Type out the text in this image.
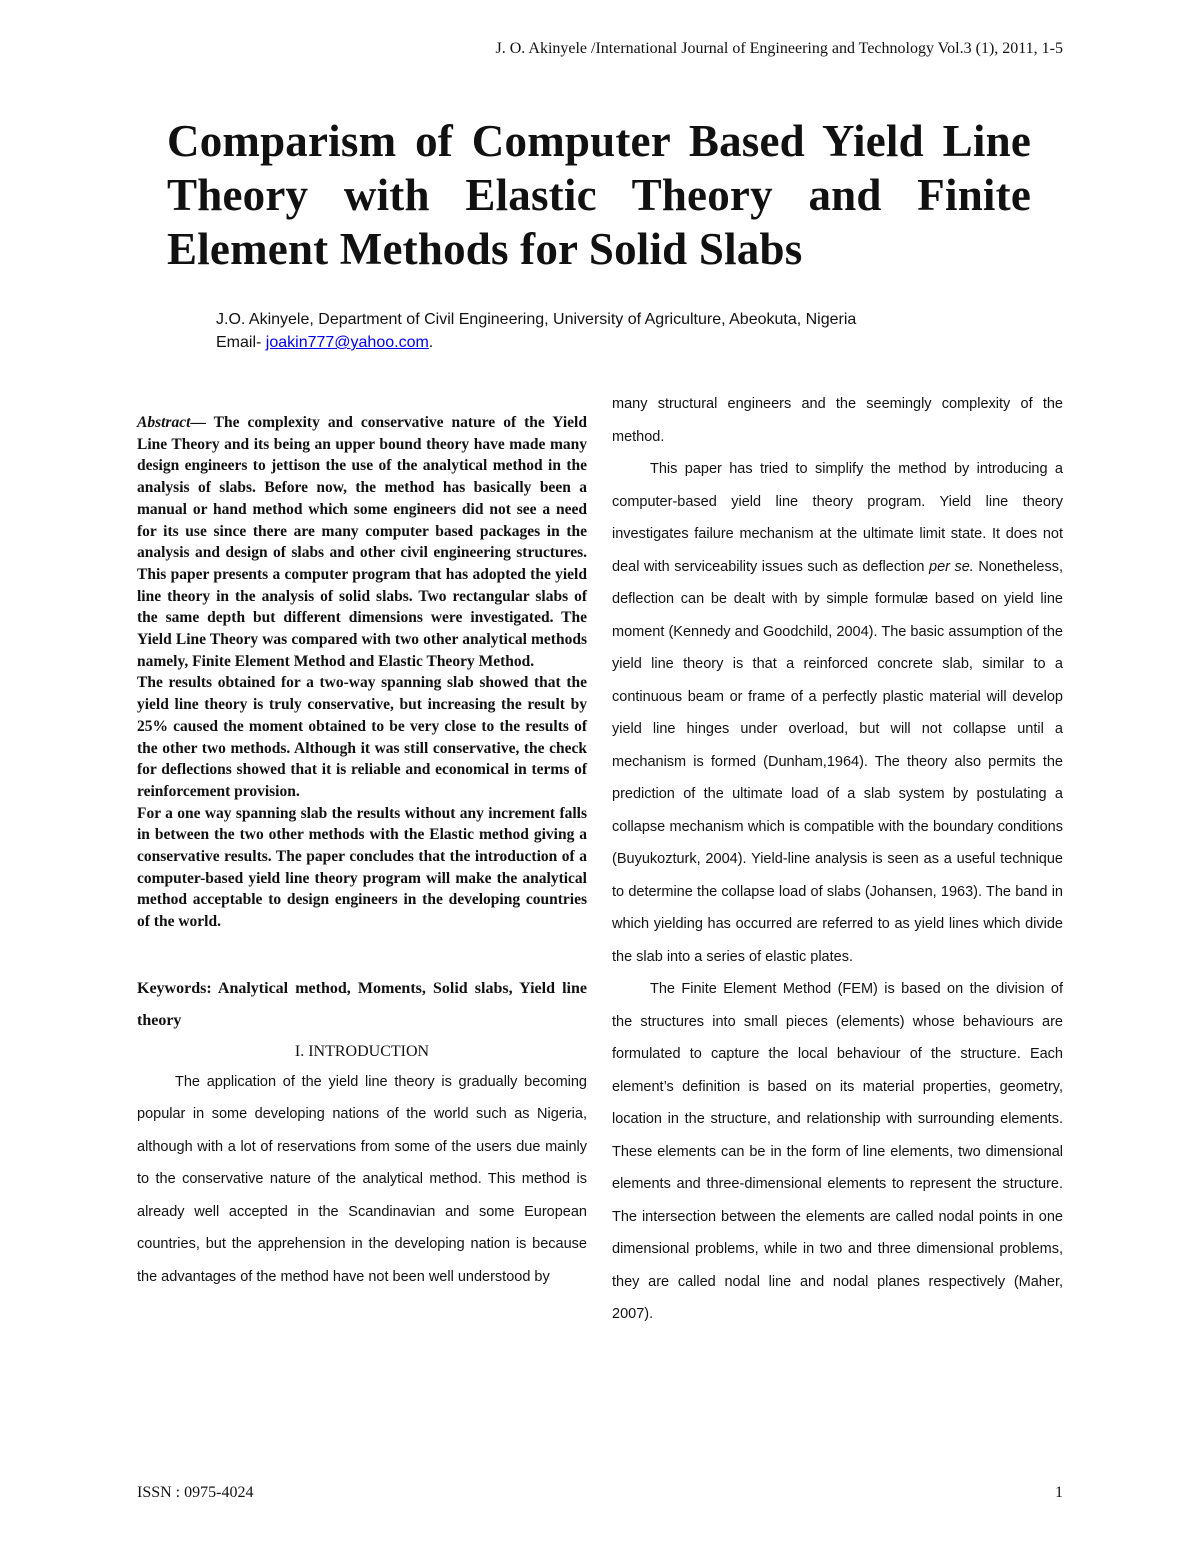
J. O. Akinyele /International Journal of Engineering and Technology Vol.3 (1), 2011, 1-5
Comparism of Computer Based Yield Line Theory with Elastic Theory and Finite Element Methods for Solid Slabs
J.O. Akinyele, Department of Civil Engineering, University of Agriculture, Abeokuta, Nigeria
Email- joakin777@yahoo.com.

Abstract— The complexity and conservative nature of the Yield Line Theory and its being an upper bound theory have made many design engineers to jettison the use of the analytical method in the analysis of slabs. Before now, the method has basically been a manual or hand method which some engineers did not see a need for its use since there are many computer based packages in the analysis and design of slabs and other civil engineering structures. This paper presents a computer program that has adopted the yield line theory in the analysis of solid slabs. Two rectangular slabs of the same depth but different dimensions were investigated. The Yield Line Theory was compared with two other analytical methods namely, Finite Element Method and Elastic Theory Method.

The results obtained for a two-way spanning slab showed that the yield line theory is truly conservative, but increasing the result by 25% caused the moment obtained to be very close to the results of the other two methods. Although it was still conservative, the check for deflections showed that it is reliable and economical in terms of reinforcement provision.

For a one way spanning slab the results without any increment falls in between the two other methods with the Elastic method giving a conservative results. The paper concludes that the introduction of a computer-based yield line theory program will make the analytical method acceptable to design engineers in the developing countries of the world.

Keywords: Analytical method, Moments, Solid slabs, Yield line theory

I. INTRODUCTION

The application of the yield line theory is gradually becoming popular in some developing nations of the world such as Nigeria, although with a lot of reservations from some of the users due mainly to the conservative nature of the analytical method. This method is already well accepted in the Scandinavian and some European countries, but the apprehension in the developing nation is because the advantages of the method have not been well understood by

many structural engineers and the seemingly complexity of the method.

This paper has tried to simplify the method by introducing a computer-based yield line theory program. Yield line theory investigates failure mechanism at the ultimate limit state. It does not deal with serviceability issues such as deflection per se. Nonetheless, deflection can be dealt with by simple formulæ based on yield line moment (Kennedy and Goodchild, 2004). The basic assumption of the yield line theory is that a reinforced concrete slab, similar to a continuous beam or frame of a perfectly plastic material will develop yield line hinges under overload, but will not collapse until a mechanism is formed (Dunham,1964). The theory also permits the prediction of the ultimate load of a slab system by postulating a collapse mechanism which is compatible with the boundary conditions (Buyukozturk, 2004). Yield-line analysis is seen as a useful technique to determine the collapse load of slabs (Johansen, 1963). The band in which yielding has occurred are referred to as yield lines which divide the slab into a series of elastic plates.

The Finite Element Method (FEM) is based on the division of the structures into small pieces (elements) whose behaviours are formulated to capture the local behaviour of the structure. Each element’s definition is based on its material properties, geometry, location in the structure, and relationship with surrounding elements. These elements can be in the form of line elements, two dimensional elements and three-dimensional elements to represent the structure. The intersection between the elements are called nodal points in one dimensional problems, while in two and three dimensional problems, they are called nodal line and nodal planes respectively (Maher, 2007).

ISSN : 0975-4024	1
